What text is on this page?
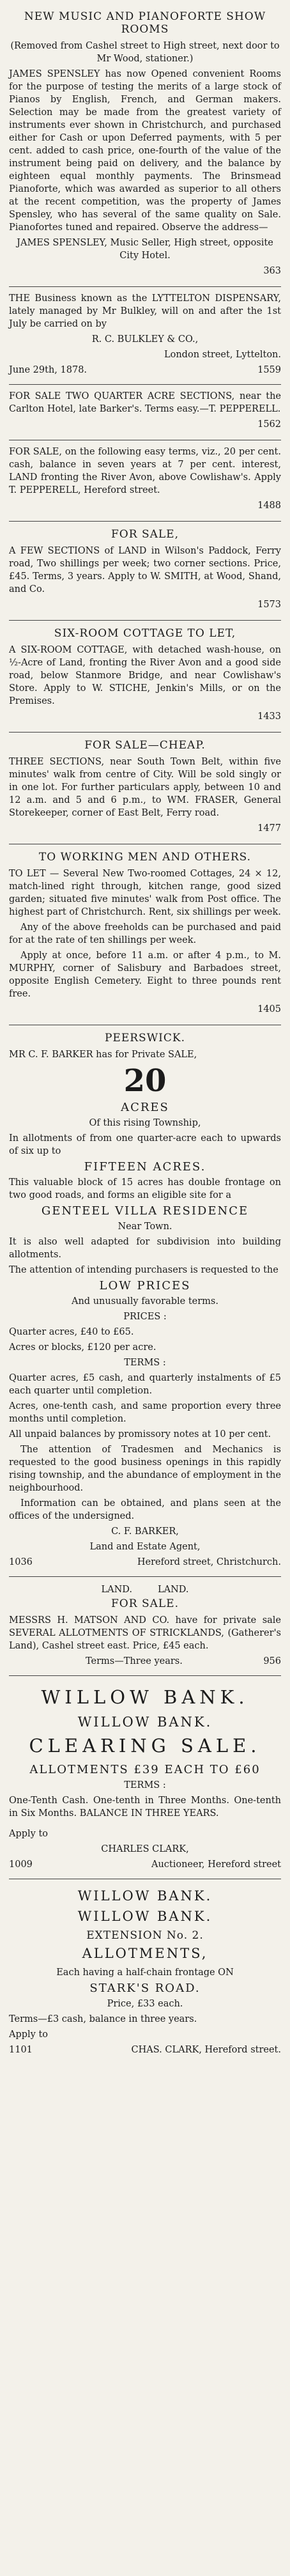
NEW MUSIC AND PIANOFORTE SHOW ROOMS

(Removed from Cashel street to High street, next door to Mr Wood, stationer.)

JAMES SPENSLEY has now Opened convenient Rooms for the purpose of testing the merits of a large stock of Pianos by English, French, and German makers. Selection may be made from the greatest variety of instruments ever shown in Christchurch, and purchased either for Cash or upon Deferred payments, with 5 per cent. added to cash price, one-fourth of the value of the instrument being paid on delivery, and the balance by eighteen equal monthly payments. The Brinsmead Pianoforte, which was awarded as superior to all others at the recent competition, was the property of James Spensley, who has several of the same quality on Sale. Pianofortes tuned and repaired. Observe the address—

JAMES SPENSLEY, Music Seller, High street, opposite City Hotel.

363

THE Business known as the LYTTELTON DISPENSARY, lately managed by Mr Bulkley, will on and after the 1st July be carried on by

R. C. BULKLEY & CO.,

London street, Lyttelton.

June 29th, 1878.	1559

FOR SALE TWO QUARTER ACRE SECTIONS, near the Carlton Hotel, late Barker's. Terms easy.—T. PEPPERELL.

1562

FOR SALE, on the following easy terms, viz., 20 per cent. cash, balance in seven years at 7 per cent. interest, LAND fronting the River Avon, above Cowlishaw's. Apply T. PEPPERELL, Hereford street.

1488

FOR SALE,

A FEW SECTIONS of LAND in Wilson's Paddock, Ferry road, Two shillings per week; two corner sections. Price, £45. Terms, 3 years. Apply to W. SMITH, at Wood, Shand, and Co.

1573

SIX-ROOM COTTAGE TO LET,

A SIX-ROOM COTTAGE, with detached wash-house, on ½-Acre of Land, fronting the River Avon and a good side road, below Stanmore Bridge, and near Cowlishaw's Store. Apply to W. STICHE, Jenkin's Mills, or on the Premises.

1433

FOR SALE—CHEAP.

THREE SECTIONS, near South Town Belt, within five minutes' walk from centre of City. Will be sold singly or in one lot. For further particulars apply, between 10 and 12 a.m. and 5 and 6 p.m., to WM. FRASER, General Storekeeper, corner of East Belt, Ferry road.

1477

TO WORKING MEN AND OTHERS.

TO LET — Several New Two-roomed Cottages, 24 × 12, match-lined right through, kitchen range, good sized garden; situated five minutes' walk from Post office. The highest part of Christchurch. Rent, six shillings per week.

Any of the above freeholds can be purchased and paid for at the rate of ten shillings per week.

Apply at once, before 11 a.m. or after 4 p.m., to M. MURPHY, corner of Salisbury and Barbadoes street, opposite English Cemetery. Eight to three pounds rent free.

1405

PEERSWICK.

MR C. F. BARKER has for Private SALE,

20
ACRES

Of this rising Township,

In allotments of from one quarter-acre each to upwards of six up to

FIFTEEN ACRES.

This valuable block of 15 acres has double frontage on two good roads, and forms an eligible site for a

GENTEEL VILLA RESIDENCE

Near Town.

It is also well adapted for subdivision into building allotments.

The attention of intending purchasers is requested to the

LOW PRICES

And unusually favorable terms.

PRICES :

Quarter acres, £40 to £65.

Acres or blocks, £120 per acre.

TERMS :

Quarter acres, £5 cash, and quarterly instalments of £5 each quarter until completion.

Acres, one-tenth cash, and same proportion every three months until completion.

All unpaid balances by promissory notes at 10 per cent.

The attention of Tradesmen and Mechanics is requested to the good business openings in this rapidly rising township, and the abundance of employment in the neighbourhood.

Information can be obtained, and plans seen at the offices of the undersigned.

C. F. BARKER,

Land and Estate Agent,

1036	Hereford street, Christchurch.
LAND.	LAND.
FOR SALE.

MESSRS H. MATSON AND CO. have for private sale SEVERAL ALLOTMENTS OF STRICKLANDS, (Gatherer's Land), Cashel street east. Price, £45 each.

Terms—Three years.	956
WILLOW BANK.
WILLOW BANK.
CLEARING SALE.
ALLOTMENTS £39 EACH TO £60

TERMS :

One-Tenth Cash. One-tenth in Three Months. One-tenth in Six Months. BALANCE IN THREE YEARS.

Apply to

CHARLES CLARK,

1009	Auctioneer, Hereford street
WILLOW BANK.
WILLOW BANK.
EXTENSION No. 2.
ALLOTMENTS,

Each having a half-chain frontage ON

STARK'S ROAD.

Price, £33 each.

Terms—£3 cash, balance in three years.

Apply to

1101	CHAS. CLARK, Hereford street.
